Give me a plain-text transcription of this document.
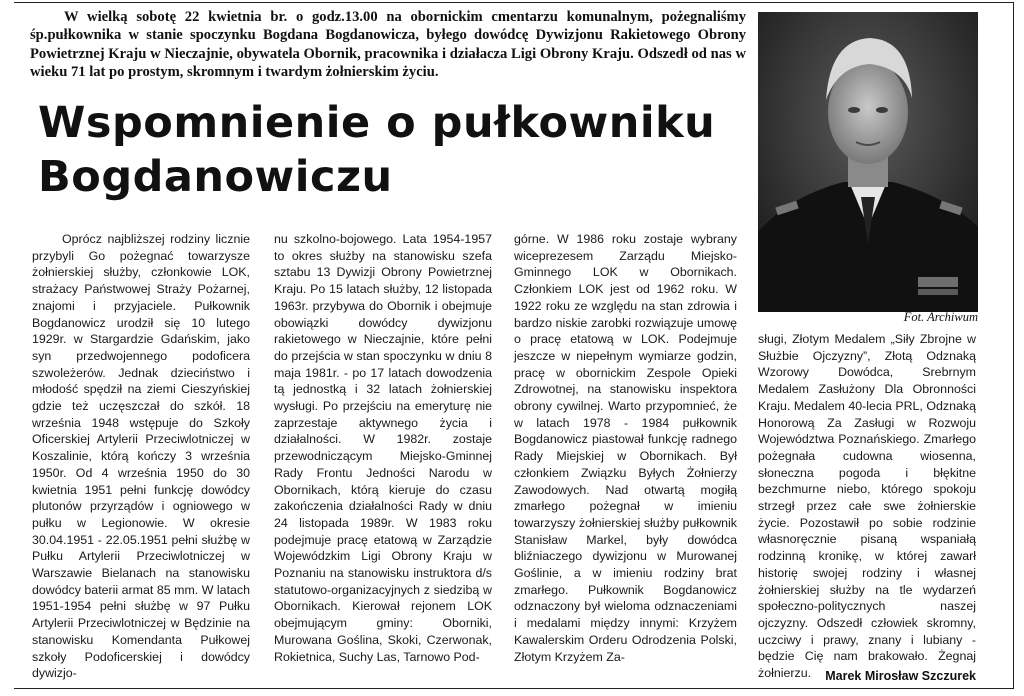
W wielką sobotę 22 kwietnia br. o godz.13.00 na obornickim cmentarzu komunalnym, pożegnaliśmy śp.pułkownika w stanie spoczynku Bogdana Bogdanowicza, byłego dowódcę Dywizjonu Rakietowego Obrony Powietrznej Kraju w Nieczajnie, obywatela Obornik, pracownika i działacza Ligi Obrony Kraju. Odszedł od nas w wieku 71 lat po prostym, skromnym i twardym żołnierskim życiu.

Wspomnienie o pułkowniku Bogdanowiczu
Fot. Archiwum

Oprócz najbliższej rodziny licznie przybyli Go pożegnać towarzysze żołnierskiej służby, członkowie LOK, strażacy Państwowej Straży Pożarnej, znajomi i przyjaciele. Pułkownik Bogdanowicz urodził się 10 lutego 1929r. w Stargardzie Gdańskim, jako syn przedwojennego podoficera szwoleżerów. Jednak dzieciństwo i młodość spędził na ziemi Cieszyńskiej gdzie też uczęszczał do szkół. 18 września 1948 wstępuje do Szkoły Oficerskiej Artylerii Przeciwlotniczej w Koszalinie, którą kończy 3 września 1950r. Od 4 września 1950 do 30 kwietnia 1951 pełni funkcję dowódcy plutonów przyrządów i ogniowego w pułku w Legionowie. W okresie 30.04.1951 - 22.05.1951 pełni służbę w Pułku Artylerii Przeciwlotniczej w Warszawie Bielanach na stanowisku dowódcy baterii armat 85 mm. W latach 1951-1954 pełni służbę w 97 Pułku Artylerii Przeciwlotniczej w Będzinie na stanowisku Komendanta Pułkowej szkoły Podoficerskiej i dowódcy dywizjo-

nu szkolno-bojowego. Lata 1954-1957 to okres służby na stanowisku szefa sztabu 13 Dywizji Obrony Powietrznej Kraju. Po 15 latach służby, 12 listopada 1963r. przybywa do Obornik i obejmuje obowiązki dowódcy dywizjonu rakietowego w Nieczajnie, które pełni do przejścia w stan spoczynku w dniu 8 maja 1981r. - po 17 latach dowodzenia tą jednostką i 32 latach żołnierskiej wysługi. Po przejściu na emeryturę nie zaprzestaje aktywnego życia i działalności. W 1982r. zostaje przewodniczącym Miejsko-Gminnej Rady Frontu Jedności Narodu w Obornikach, którą kieruje do czasu zakończenia działalności Rady w dniu 24 listopada 1989r. W 1983 roku podejmuje pracę etatową w Zarządzie Wojewódzkim Ligi Obrony Kraju w Poznaniu na stanowisku instruktora d/s statutowo-organizacyjnych z siedzibą w Obornikach. Kierował rejonem LOK obejmującym gminy: Oborniki, Murowana Goślina, Skoki, Czerwonak, Rokietnica, Suchy Las, Tarnowo Pod-

górne. W 1986 roku zostaje wybrany wiceprezesem Zarządu Miejsko-Gminnego LOK w Obornikach. Członkiem LOK jest od 1962 roku. W 1922 roku ze względu na stan zdrowia i bardzo niskie zarobki rozwiązuje umowę o pracę etatową w LOK. Podejmuje jeszcze w niepełnym wymiarze godzin, pracę w obornickim Zespole Opieki Zdrowotnej, na stanowisku inspektora obrony cywilnej. Warto przypomnieć, że w latach 1978 - 1984 pułkownik Bogdanowicz piastował funkcję radnego Rady Miejskiej w Obornikach. Był członkiem Związku Byłych Żołnierzy Zawodowych. Nad otwartą mogiłą zmarłego pożegnał w imieniu towarzyszy żołnierskiej służby pułkownik Stanisław Markel, były dowódca bliźniaczego dywizjonu w Murowanej Goślinie, a w imieniu rodziny brat zmarłego. Pułkownik Bogdanowicz odznaczony był wieloma odznaczeniami i medalami między innymi: Krzyżem Kawalerskim Orderu Odrodzenia Polski, Złotym Krzyżem Za-

sługi, Złotym Medalem „Siły Zbrojne w Służbie Ojczyzny”, Złotą Odznaką Wzorowy Dowódca, Srebrnym Medalem Zasłużony Dla Obronności Kraju. Medalem 40-lecia PRL, Odznaką Honorową Za Zasługi w Rozwoju Województwa Poznańskiego. Zmarłego pożegnała cudowna wiosenna, słoneczna pogoda i błękitne bezchmurne niebo, którego spokoju strzegł przez całe swe żołnierskie życie. Pozostawił po sobie rodzinie własnoręcznie pisaną wspaniałą rodzinną kronikę, w której zawarł historię swojej rodziny i własnej żołnierskiej służby na tle wydarzeń społeczno-politycznych naszej ojczyzny. Odszedł człowiek skromny, uczciwy i prawy, znany i lubiany - będzie Cię nam brakowało. Żegnaj żołnierzu.	Marek Mirosław Szczurek
